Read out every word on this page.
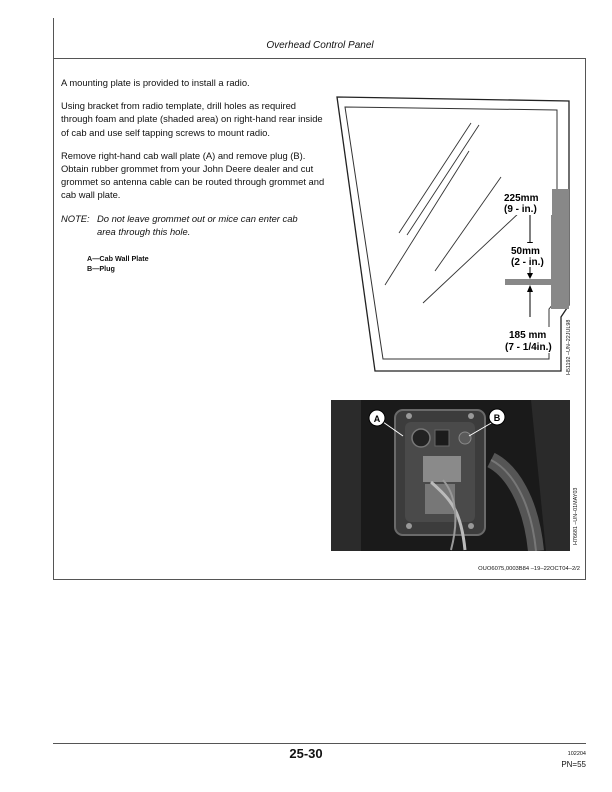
Overhead Control Panel

A mounting plate is provided to install a radio.

Using bracket from radio template, drill holes as required through foam and plate (shaded area) on right-hand rear inside of cab and use self tapping screws to mount radio.

Remove right-hand cab wall plate (A) and remove plug (B). Obtain rubber grommet from your John Deere dealer and cut grommet so antenna cable can be routed through grommet and cab wall plate.

NOTE: Do not leave grommet out or mice can enter cab
area through this hole.
A—Cab Wall Plate
B—Plug
225mm
(9 - in.)
50mm
(2 - in.)
185 mm
(7 - 1/4in.)	H51192 –UN–22JUL98
A	B
H76681 –UN–01MAY03
OUO6075,0003B84 –19–22OCT04–2/2
25-30	102204
PN=55
